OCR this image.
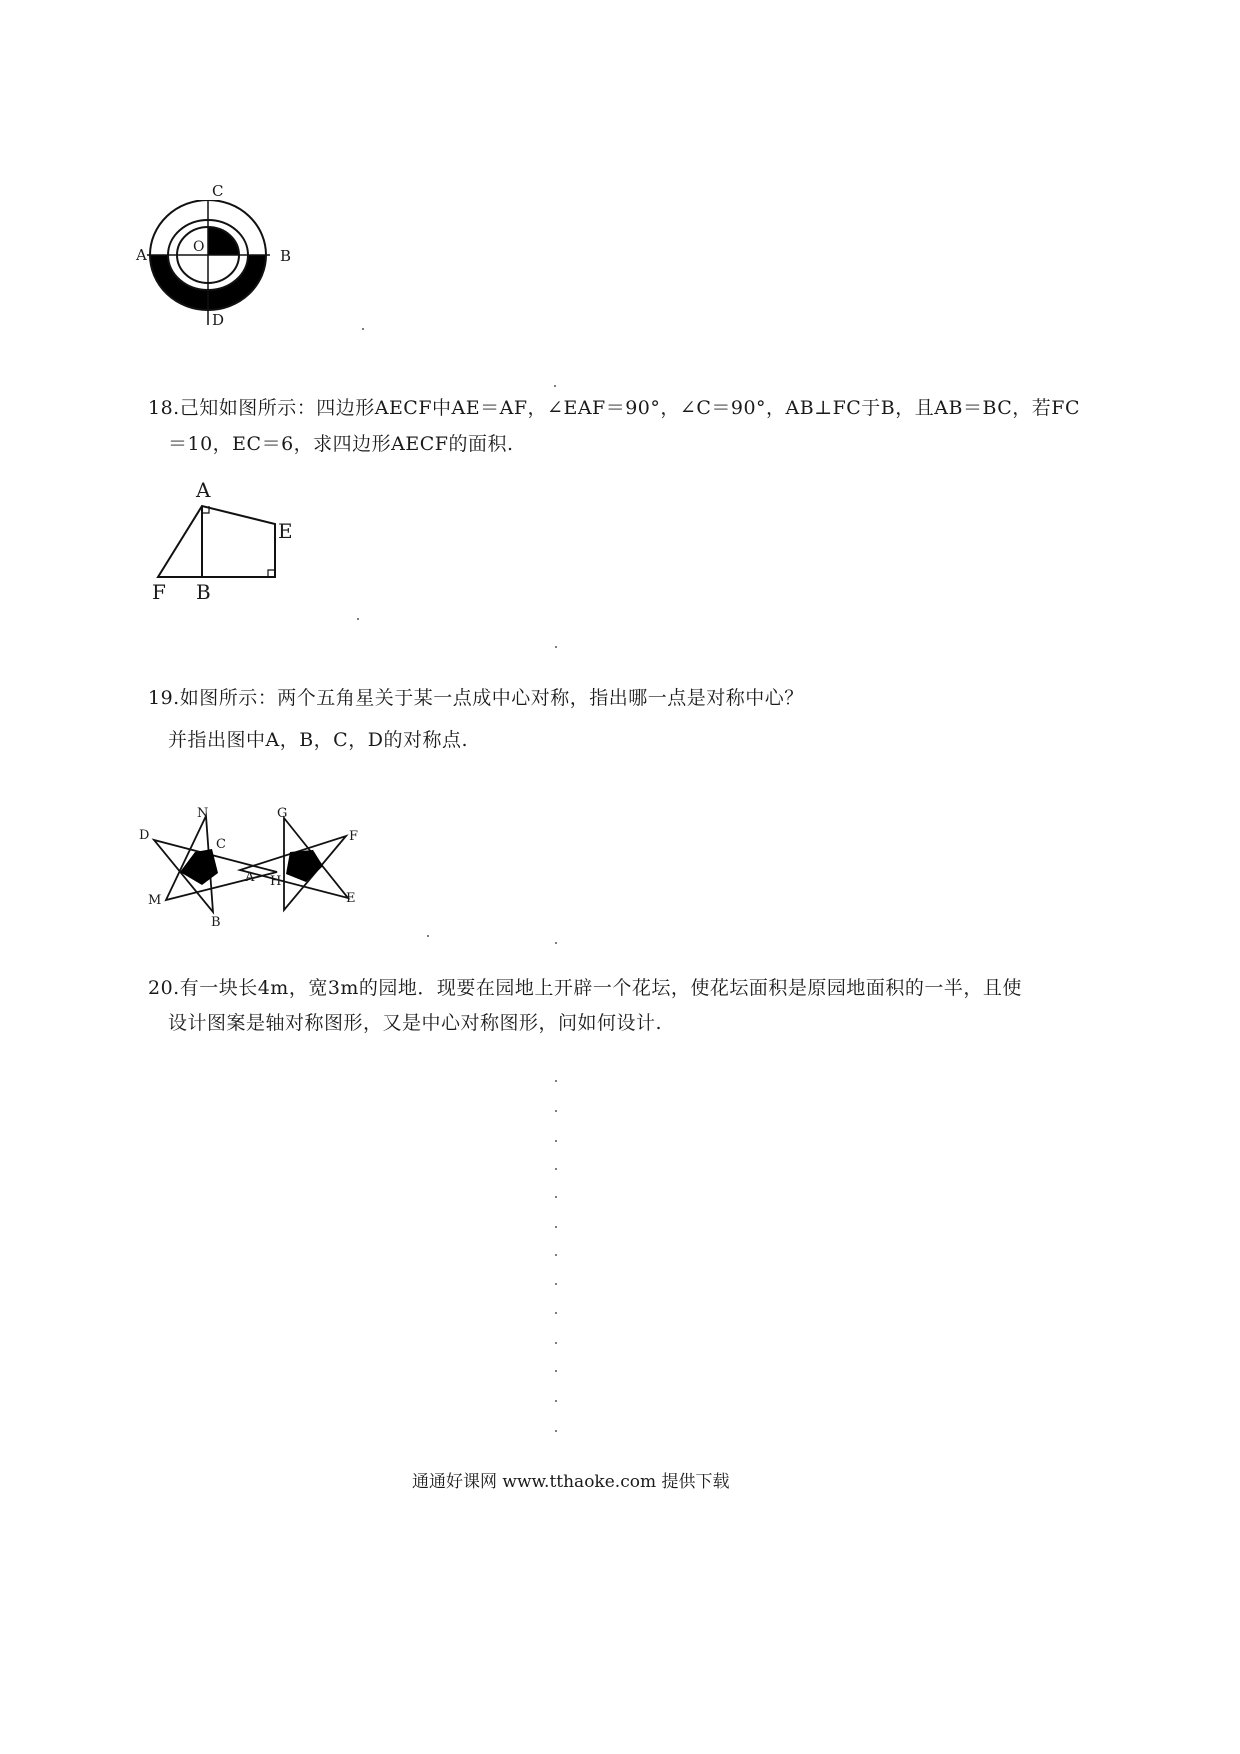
C
A	O	B
D
18.己知如图所示：四边形AECF中AE＝AF，∠EAF＝90°，∠C＝90°，AB⊥FC于B，且AB＝BC，若FC
＝10，EC＝6，求四边形AECF的面积.
A
E
F B
19.如图所示：两个五角星关于某一点成中心对称，指出哪一点是对称中心？
并指出图中A，B，C，D的对称点.
N
D
C
M
B
A
G
F
H
E
20.有一块长4m，宽3m的园地．现要在园地上开辟一个花坛，使花坛面积是原园地面积的一半，且使
设计图案是轴对称图形，又是中心对称图形，问如何设计.
通通好课网 www.tthaoke.com 提供下载
